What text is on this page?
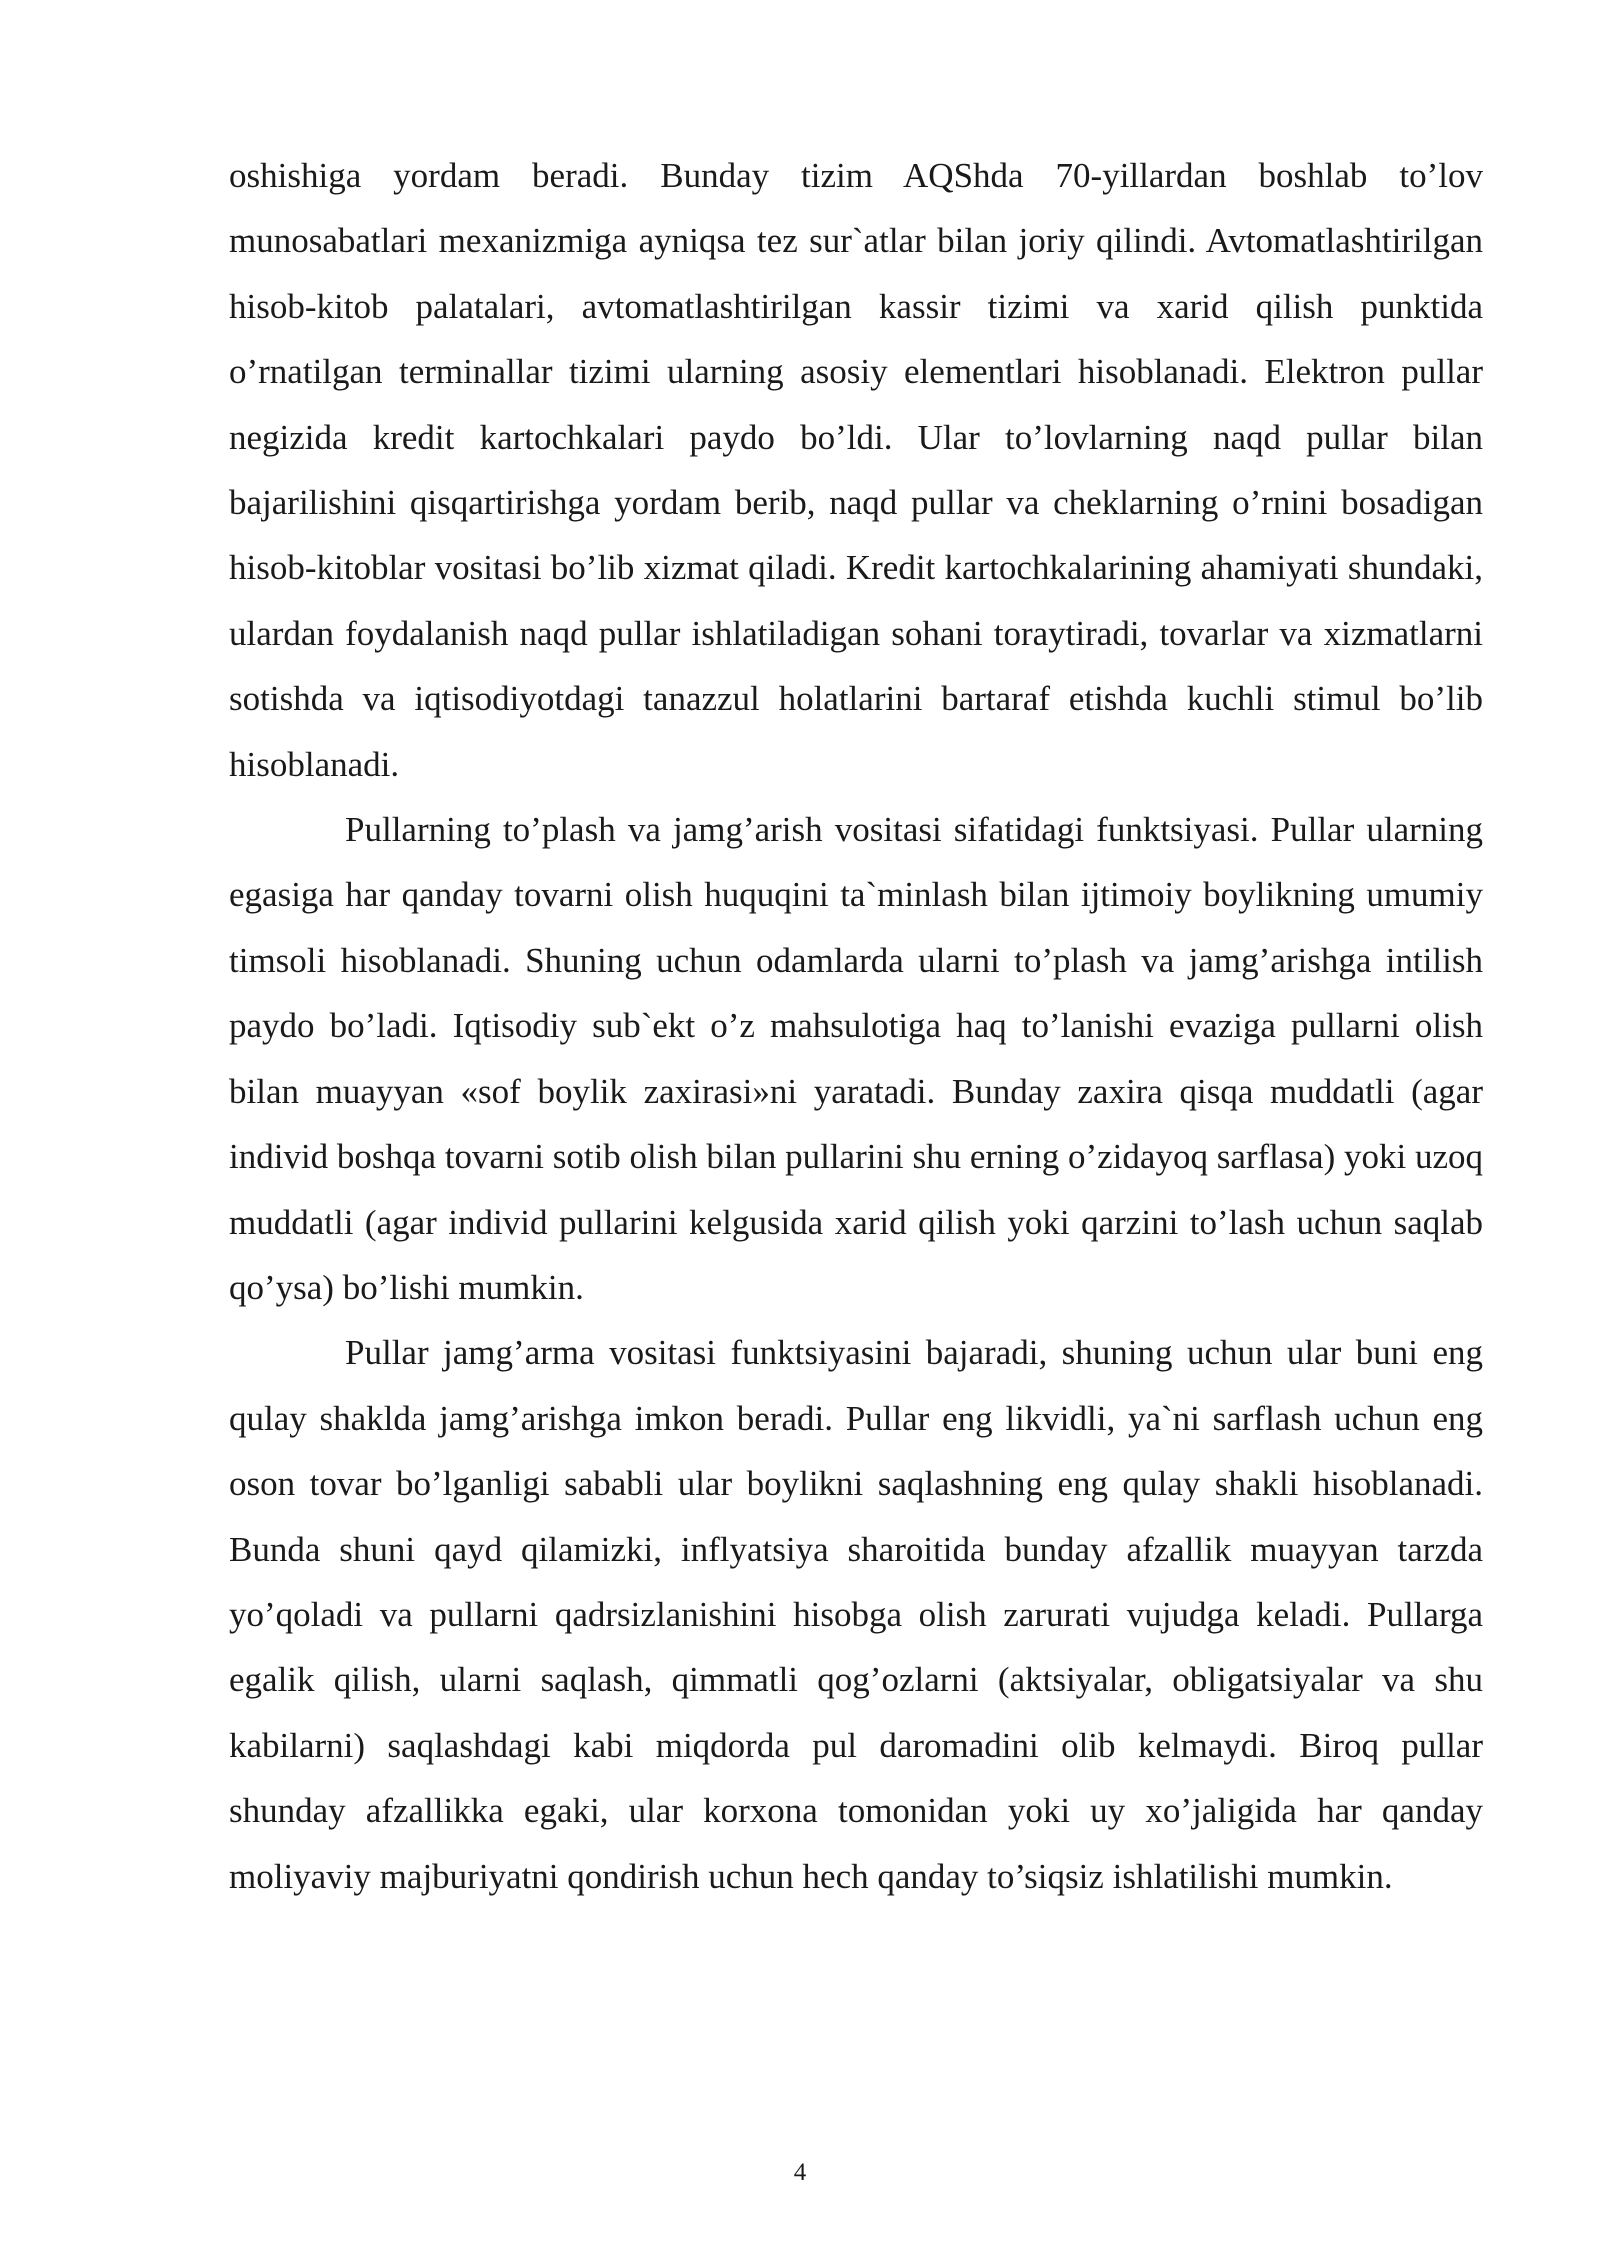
oshishiga yordam beradi. Bunday tizim AQShda 70-yillardan boshlab to’lov munosabatlari mexanizmiga ayniqsa tez sur`atlar bilan joriy qilindi. Avtomatlashtirilgan hisob-kitob palatalari, avtomatlashtirilgan kassir tizimi va xarid qilish punktida o’rnatilgan terminallar tizimi ularning asosiy elementlari hisoblanadi. Elektron pullar negizida kredit kartochkalari paydo bo’ldi. Ular to’lovlarning naqd pullar bilan bajarilishini qisqartirishga yordam berib, naqd pullar va cheklarning o’rnini bosadigan hisob-kitoblar vositasi bo’lib xizmat qiladi. Kredit kartochkalarining ahamiyati shundaki, ulardan foydalanish naqd pullar ishlatiladigan sohani toraytiradi, tovarlar va xizmatlarni sotishda va iqtisodiyotdagi tanazzul holatlarini bartaraf etishda kuchli stimul bo’lib hisoblanadi.

Pullarning to’plash va jamg’arish vositasi sifatidagi funktsiyasi. Pullar ularning egasiga har qanday tovarni olish huquqini ta`minlash bilan ijtimoiy boylikning umumiy timsoli hisoblanadi. Shuning uchun odamlarda ularni to’plash va jamg’arishga intilish paydo bo’ladi. Iqtisodiy sub`ekt o’z mahsulotiga haq to’lanishi evaziga pullarni olish bilan muayyan «sof boylik zaxirasi»ni yaratadi. Bunday zaxira qisqa muddatli (agar individ boshqa tovarni sotib olish bilan pullarini shu erning o’zidayoq sarflasa) yoki uzoq muddatli (agar individ pullarini kelgusida xarid qilish yoki qarzini to’lash uchun saqlab qo’ysa) bo’lishi mumkin.

Pullar jamg’arma vositasi funktsiyasini bajaradi, shuning uchun ular buni eng qulay shaklda jamg’arishga imkon beradi. Pullar eng likvidli, ya`ni sarflash uchun eng oson tovar bo’lganligi sababli ular boylikni saqlashning eng qulay shakli hisoblanadi. Bunda shuni qayd qilamizki, inflyatsiya sharoitida bunday afzallik muayyan tarzda yo’qoladi va pullarni qadrsizlanishini hisobga olish zarurati vujudga keladi. Pullarga egalik qilish, ularni saqlash, qimmatli qog’ozlarni (aktsiyalar, obligatsiyalar va shu kabilarni) saqlashdagi kabi miqdorda pul daromadini olib kelmaydi. Biroq pullar shunday afzallikka egaki, ular korxona tomonidan yoki uy xo’jaligida har qanday moliyaviy majburiyatni qondirish uchun hech qanday to’siqsiz ishlatilishi mumkin.

4
